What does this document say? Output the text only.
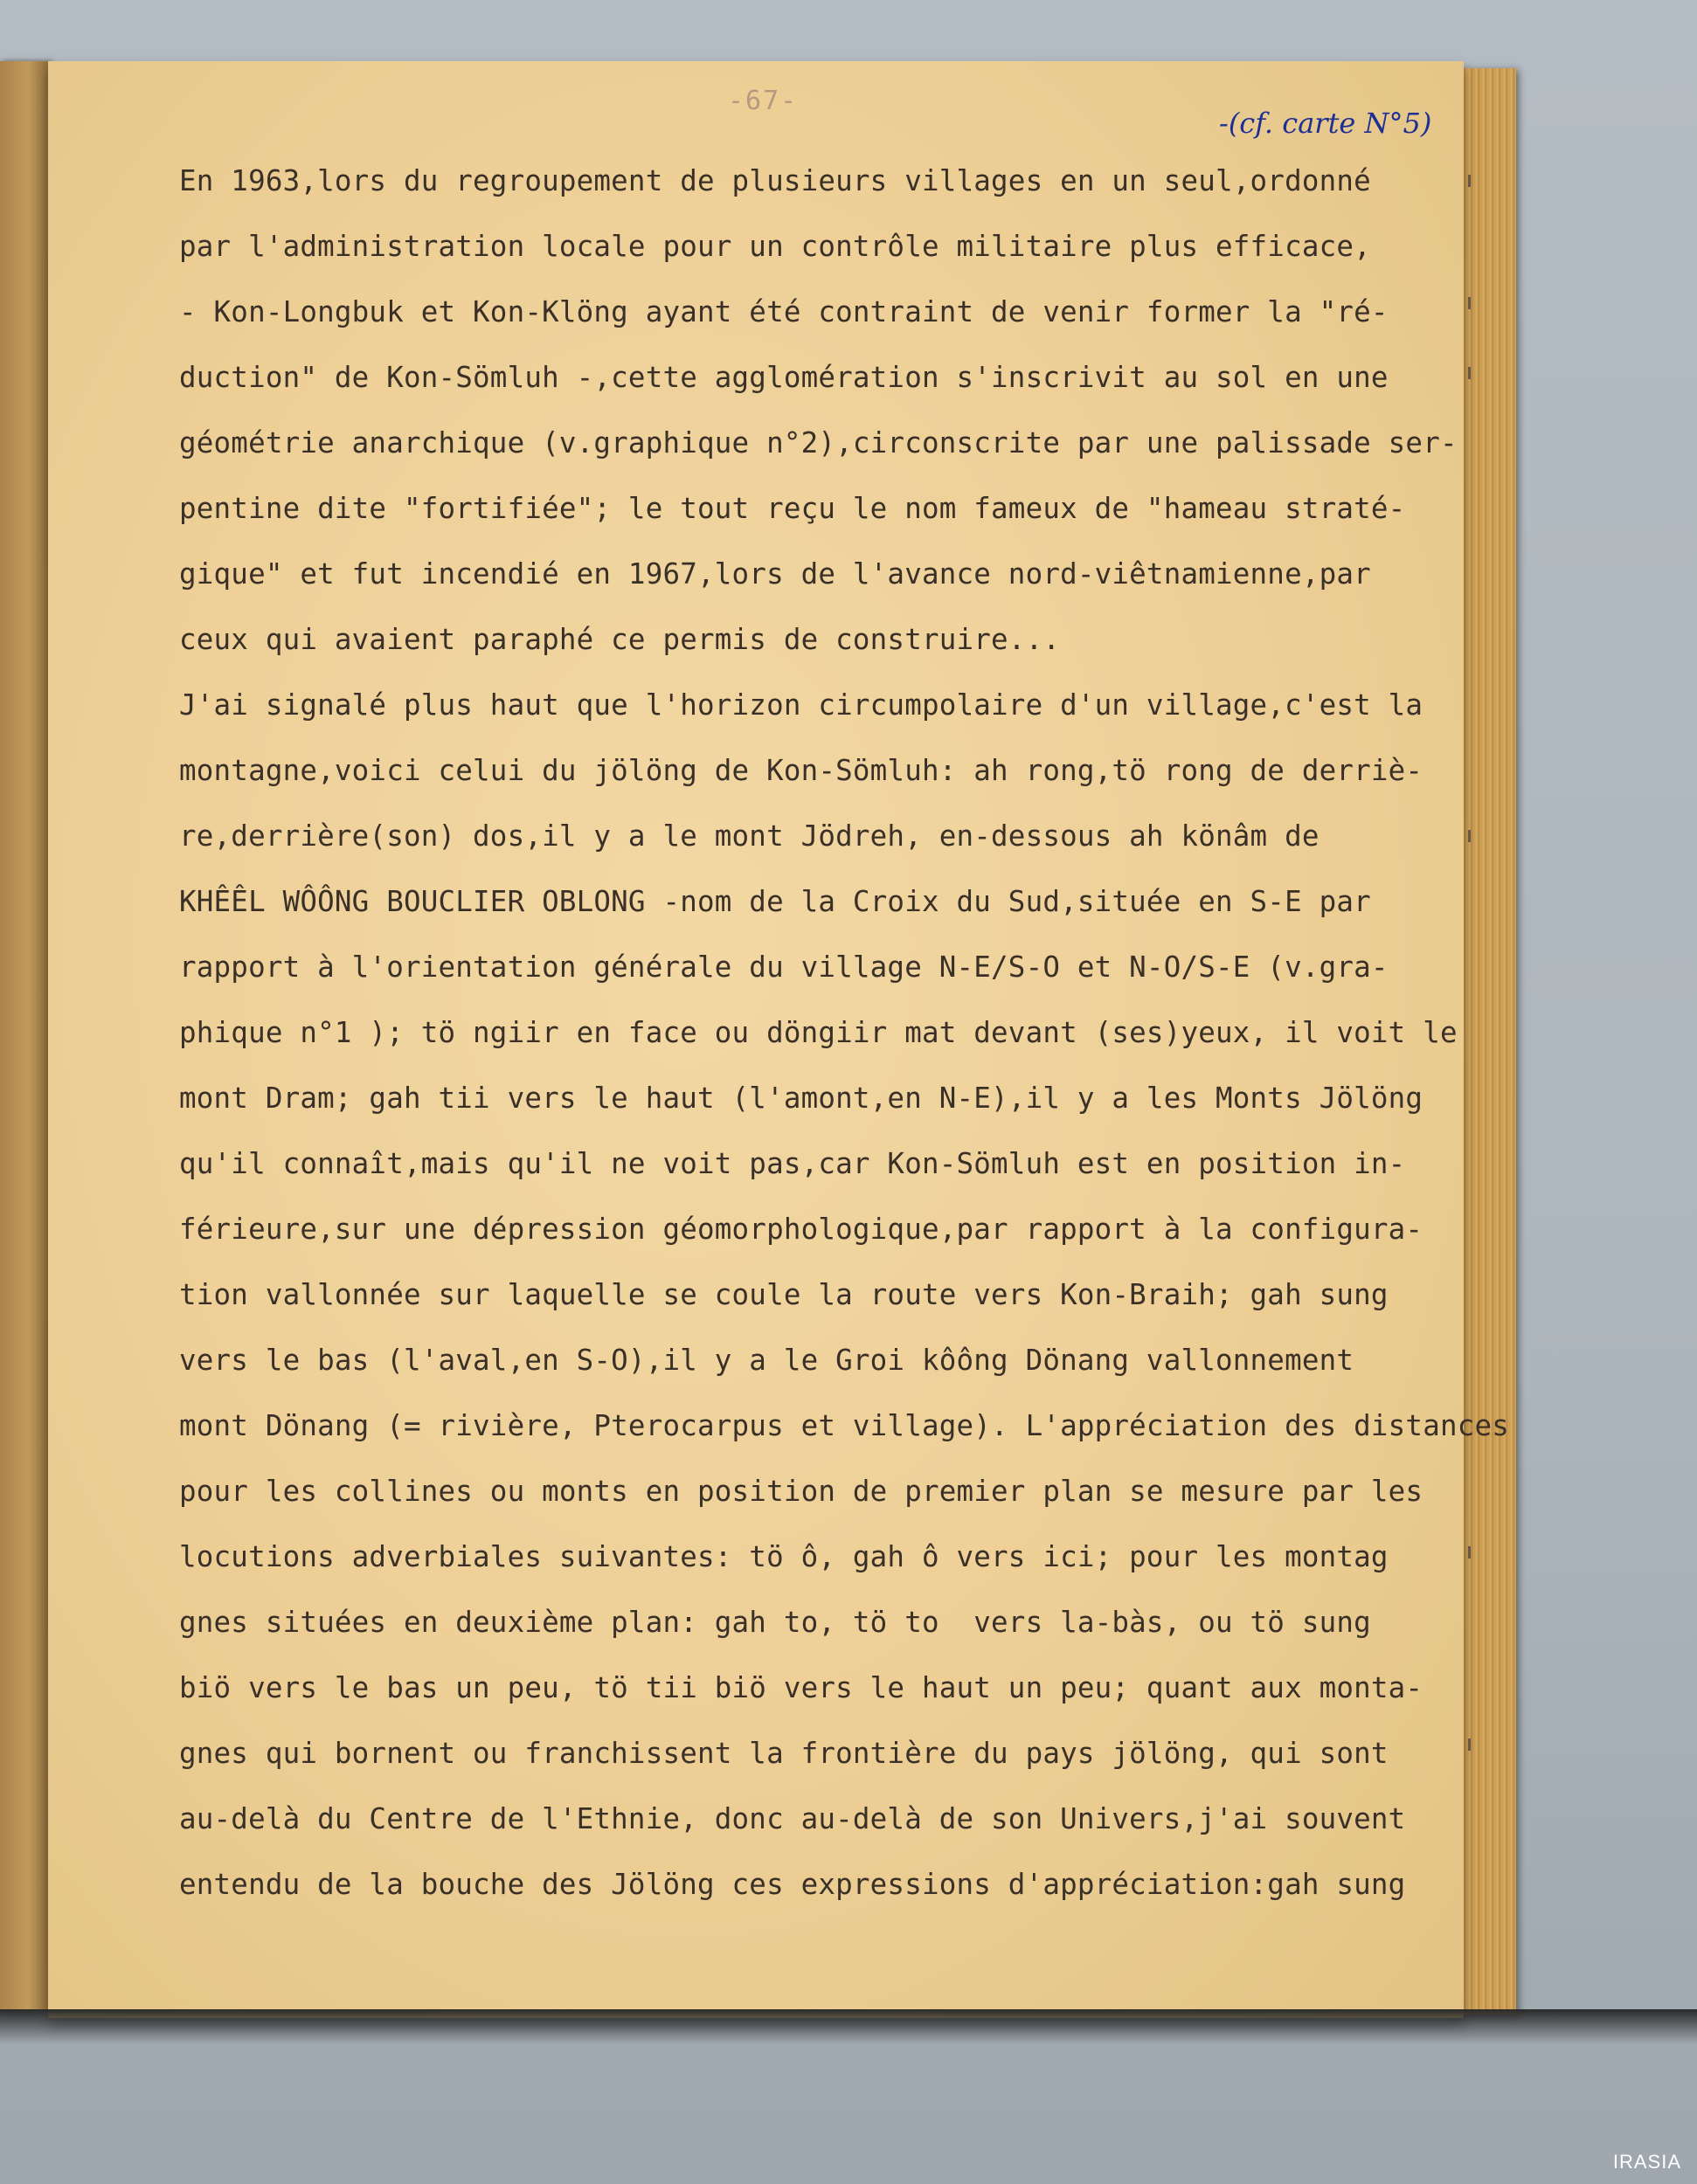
-67-
-(cf. carte N°5)
En 1963,lors du regroupement de plusieurs villages en un seul,ordonné
par l'administration locale pour un contrôle militaire plus efficace,
- Kon-Longbuk et Kon-Klöng ayant été contraint de venir former la "ré-
duction" de Kon-Sömluh -,cette agglomération s'inscrivit au sol en une
géométrie anarchique (v.graphique n°2),circonscrite par une palissade ser-
pentine dite "fortifiée"; le tout reçu le nom fameux de "hameau straté-
gique" et fut incendié en 1967,lors de l'avance nord-viêtnamienne,par
ceux qui avaient paraphé ce permis de construire...
J'ai signalé plus haut que l'horizon circumpolaire d'un village,c'est la
montagne,voici celui du jölöng de Kon-Sömluh: ah rong,tö rong de derriè-
re,derrière(son) dos,il y a le mont Jödreh, en-dessous ah könâm de
KHÊÊL WÔÔNG BOUCLIER OBLONG -nom de la Croix du Sud,située en S-E par
rapport à l'orientation générale du village N-E/S-O et N-O/S-E (v.gra-
phique n°1 ); tö ngiir en face ou döngiir mat devant (ses)yeux, il voit le
mont Dram; gah tii vers le haut (l'amont,en N-E),il y a les Monts Jölöng
qu'il connaît,mais qu'il ne voit pas,car Kon-Sömluh est en position in-
férieure,sur une dépression géomorphologique,par rapport à la configura-
tion vallonnée sur laquelle se coule la route vers Kon-Braih; gah sung
vers le bas (l'aval,en S-O),il y a le Groi kôông Dönang vallonnement
mont Dönang (= rivière, Pterocarpus et village). L'appréciation des distances
pour les collines ou monts en position de premier plan se mesure par les
locutions adverbiales suivantes: tö ô, gah ô vers ici; pour les montag
gnes situées en deuxième plan: gah to, tö to  vers la-bàs, ou tö sung
biö vers le bas un peu, tö tii biö vers le haut un peu; quant aux monta-
gnes qui bornent ou franchissent la frontière du pays jölöng, qui sont
au-delà du Centre de l'Ethnie, donc au-delà de son Univers,j'ai souvent
entendu de la bouche des Jölöng ces expressions d'appréciation:gah sung
IRASIA
